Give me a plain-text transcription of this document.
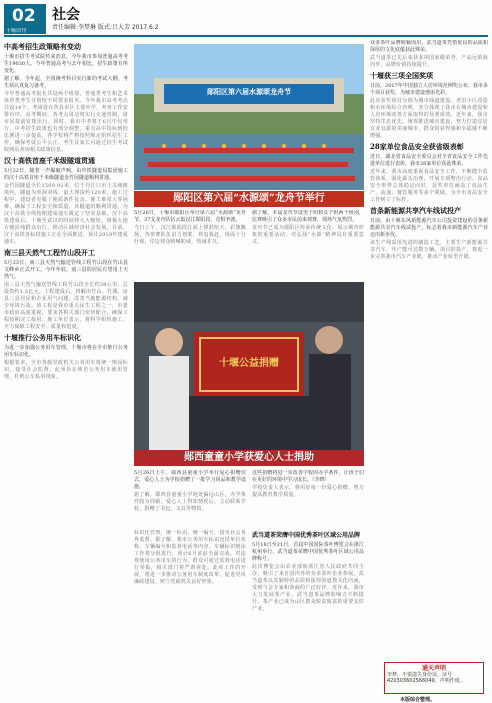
02
十堰周刊
社会
责任编辑:李梦琳 版式:吕大芳 2017.6.2
中高考招生政策略有变动

十堰市招生考试院传来消息，今年我市参加普通高考考生19030人。今年普通高考与去年相比，招生政策有所变化。

据了解，今年起，全国统考科目实行新的考试大纲，考生须认真复习备考。

今年普通高考报名共设两个组别，普通类考生和艺术体育类考生分别按不同要求报名。今年我市高考考点共设14个，考场设在各县市区主要中学，考务工作安排有序。高考期间，各考点周边将实行交通管制，请市民提前安排出行。同时，我市中考将于6月中旬举行，中考招生政策也有部分调整，重点高中指标到校比例进一步提高，各学校将严格按照规定组织招生工作，确保考试公平公正。考生及家长可通过招生考试院网站查询相关政策信息。

汉十高铁首座千米级隧道贯通

5月22日，随着一声爆破声响，由中铁隧道局集团施工的汉十高铁首座千米级隧道金竹园隧道顺利贯通。

金竹园隧道全长1509.92米，位于丹江口市土关垭镇境内，隧道为单洞双线，最大埋深约120米。施工过程中，建设者克服了地质条件复杂、施工难度大等困难，确保了工程安全和质量。该隧道的顺利贯通，为汉十高铁全线按期建成通车奠定了坚实基础。汉十高铁建成后，十堰至武汉的时间将大大缩短，将极大地方便沿线群众出行，推动区域经济社会发展。目前，汉十高铁各标段施工正在全面推进，预计2019年建成通车。

南三县天然气工程竹山段开工

5月23日，南三县天然气输送管线工程竹山段在竹山县文峰乡正式开工。今年年底，南三县的居民有望用上天然气。

南三县天然气输送管线工程竹山段全长约38公里，总投资约1.5亿元。工程建成后，将解决竹山、竹溪、房县三县居民和企业用气问题，改善当地能源结构，减少环境污染。该工程是我市重点民生工程之一，市委市政府高度重视，要求各相关部门密切配合，确保工程按期完工投用。施工单位表示，将科学组织施工，全力保障工程安全、质量和进度。

十堰推行公务用车标识化

为进一步加强公务用车管理，十堰市将在全市推行公务用车标识化。

根据要求，全市各级党政机关公务用车将统一喷涂标识，接受社会监督。此举旨在规范公务用车使用管理，杜绝公车私用现象。

郧阳区第六届水源颂龙舟节
郧阳区第六届“水源颂”龙舟节举行

5月26日，十堰市郧阳区举行第六届“水源颂”龙舟节，37支龙舟队伍云集汉江郧阳段，竞相争渡。

当日上午，汉江郧阳段江面上锣鼓喧天，彩旗飘扬，各参赛队伍奋力划桨，你追我赶，场面十分壮观。岸边观众呐喊助威，热闹非凡。

据了解，本届龙舟节设男子组和女子组两个组别，比赛吸引了众多市民前来观赛，现场气氛热烈。

龙舟节已成为郧阳区传承传统文化、展示城市形象的重要活动，对弘扬“水源”精神具有重要意义。

十堰公益捐赠
郧西童童小学获爱心人士捐助

5月26日上午，郧西县童童小学举行爱心捐赠仪式，爱心人士为学校捐赠了一批学习用品和教学设施。

据了解，郧西县童童小学地处偏远山区，办学条件较为简陋。爱心人士得知情况后，主动联系学校，捐赠了书包、文具等物资。

这些捐赠将进一步改善学校的办学条件，让孩子们在更好的环境中学习成长。（李晓）

学校负责人表示，将用好每一份爱心捐赠，努力提高教育教学质量。

武当道茶荣膺中国优秀茶叶区域公用品牌

5月18日至21日，首届中国国际茶叶博览会在浙江杭州举行，武当道茶荣膺中国优秀茶叶区域公用品牌称号。

此次博览会由农业部和浙江省人民政府共同主办，吸引了来自国内外的众多茶叶企业参展。武当道茶以其独特的品质和深厚的道教文化内涵，受到与会专家和客商的广泛好评。近年来，我市大力发展茶产业，武当道茶品牌影响力不断提升，茶产业已成为山区群众脱贫致富的重要支柱产业。

标识化管理，统一标识、统一编号，接受社会各界监督。据了解，我市公务用车标识包括单位名称、车辆编号和监督电话等内容。车辆标识喷涂工作将分批进行，预计6月底前全面完成。对违规使用公务用车的行为，群众可通过监督电话进行举报，相关部门将严肃查处。此项工作的开展，将进一步推动公务用车制度改革，促进党风廉政建设，树立党政机关良好形象。

众多茶叶品牌脱颖而出，武当道茶凭借优良的品质和深厚的文化底蕴获此殊荣。

武当道茶已先后荣获多项国家级荣誉，产品远销海内外，品牌价值持续提升。

十堰获三项全国奖项

日前，2017年中国独立人居环境范例奖公布，我市多个项目获奖，为城市建设增添光彩。

此次获奖项目分别为城市绿道建设、老旧小区改造和水环境综合治理，充分体现了我市在城市建设和人居环境改善方面取得的显著成效。近年来，我市坚持生态优先，统筹推进城市建设，努力打造宜居宜业宜游的美丽城市，群众的获得感和幸福感不断增强。

28家单位食品安全获省级表彰

近日，湖北省食品安全委员会对全省食品安全工作先进单位进行表彰，我市28家单位获此殊荣。

近年来，我市高度重视食品安全工作，不断健全监管体系，强化源头治理，开展专项整治行动，食品安全形势总体稳定向好。获奖单位涵盖了食品生产、流通、餐饮服务等多个领域，为全市食品安全工作树立了标杆。

首条新能源共享汽车线试投产

日前，由十堰东风新能源汽车公司投资建设的首条新能源共享汽车线试投产，标志着我市新能源汽车产业迈出新步伐。

该生产线采用先进的制造工艺，主要生产新能源共享汽车，年产能可达数万辆。项目的投产，将进一步完善我市汽车产业链，推动产业转型升级。

通天声明
李梦，不慎遗失身份证，证号420303602566049，声明作废。
本版综合整理。
